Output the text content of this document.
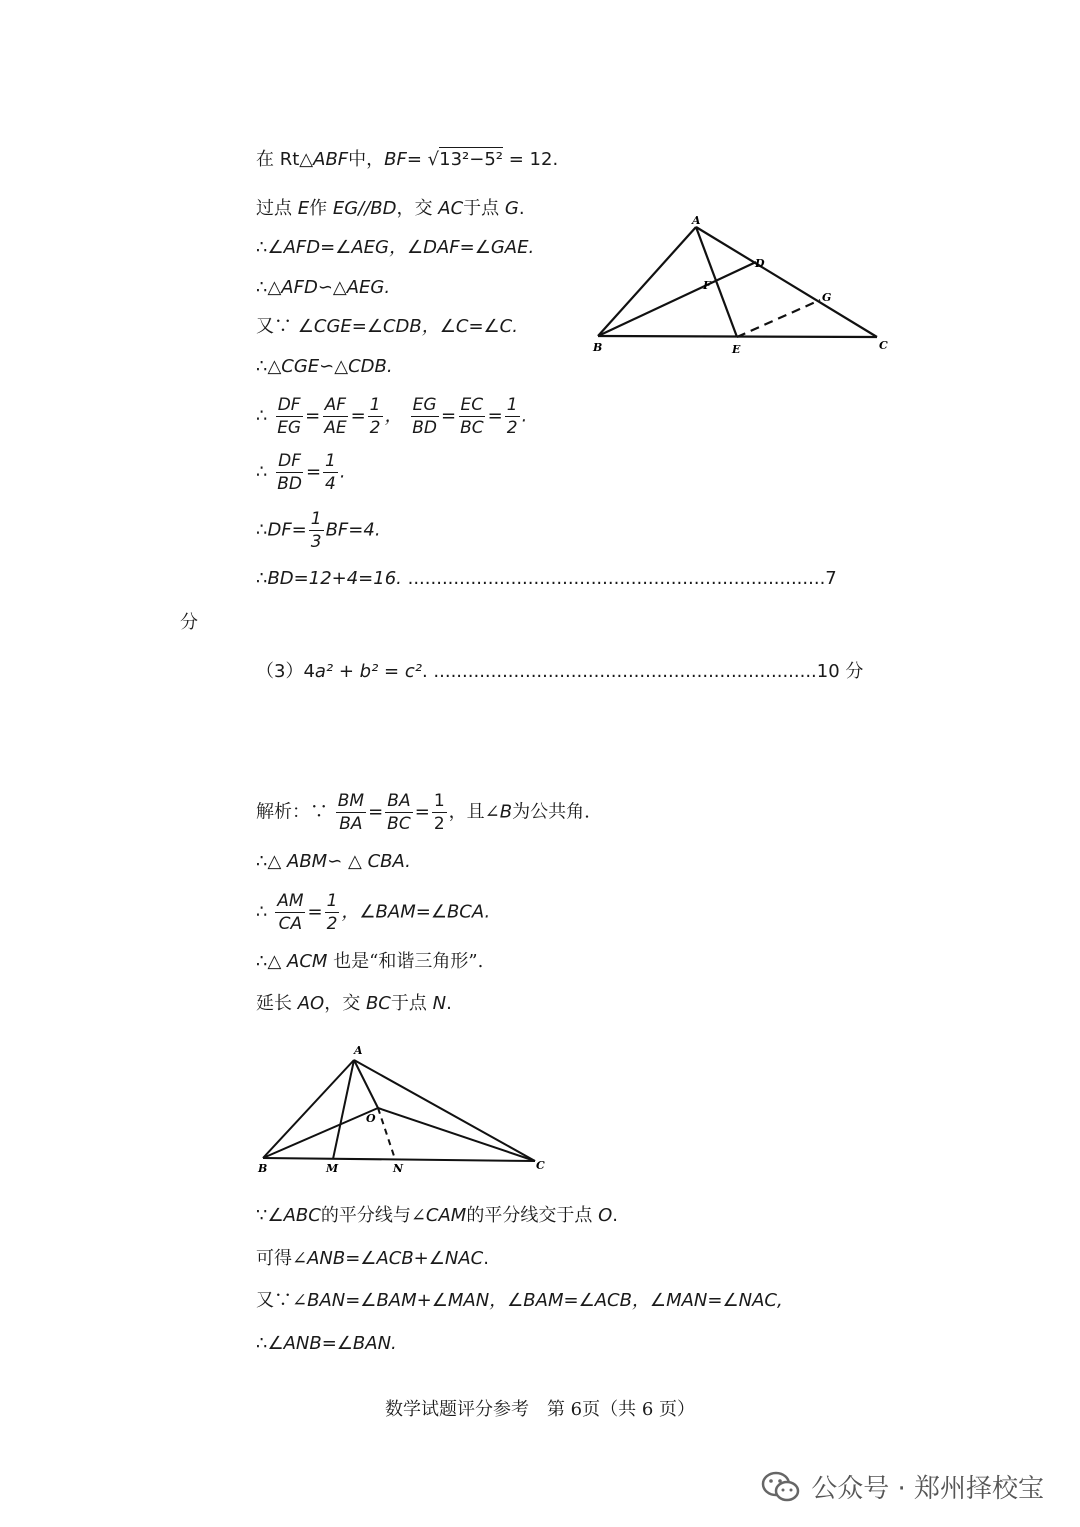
在 Rt△ABF中，BF= √13²−5² = 12.
过点 E作 EG//BD，交 AC于点 G.
∴∠AFD=∠AEG，∠DAF=∠GAE.
∴△AFD∽△AEG.
又∵ ∠CGE=∠CDB，∠C=∠C.
∴△CGE∽△CDB.
∴ $\frac{DF}{EG} = \frac{AF}{AE} = \frac{1}{2}$ ， $\frac{EG}{BD} = \frac{EC}{BC} = \frac{1}{2}$ .
∴ $\frac{DF}{BD} = \frac{1}{4}$ .
∴DF= $\frac{1}{3} BF=4$.
∴BD=12+4=16. .........................................................................7
分
（3）4a² + b² = c². ...................................................................10 分
解析：∵ $\frac{BM}{BA} = \frac{BA}{BC} = \frac{1}{2}$ ，且∠B为公共角.
∴△ ABM∽ △ CBA.
∴ $\frac{AM}{CA} = \frac{1}{2}$ ，∠BAM=∠BCA.
∴△ ACM 也是“和谐三角形”.
延长 AO，交 BC于点 N.
∵∠ABC的平分线与∠CAM的平分线交于点 O.
可得∠ANB=∠ACB+∠NAC.
又∵∠BAN=∠BAM+∠MAN，∠BAM=∠ACB，∠MAN=∠NAC,
∴∠ANB=∠BAN.
A
B	C
D
E
F
G
A
B	C
M	N
O
数学试题评分参考　第 6页（共 6 页）
公众号 · 郑州择校宝
